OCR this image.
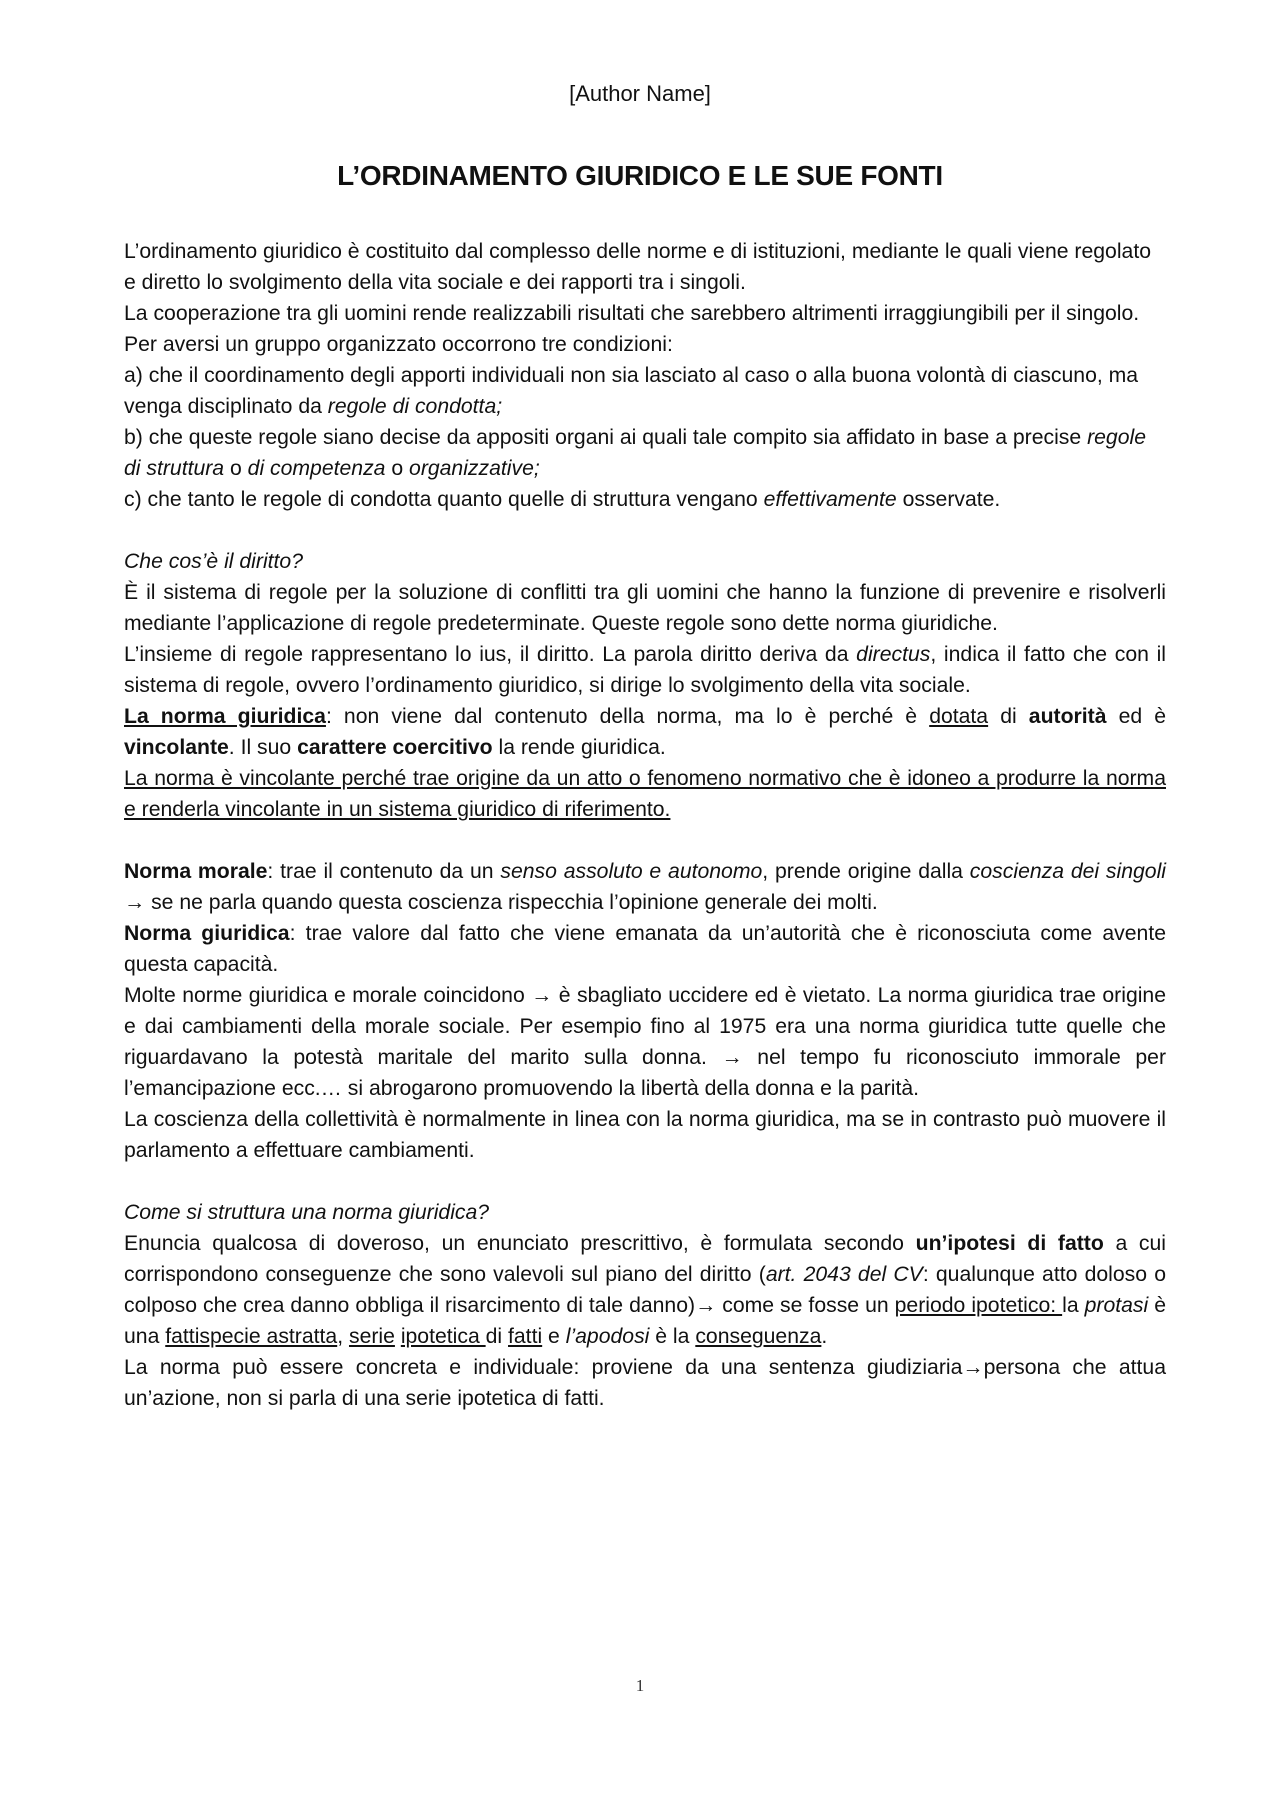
[Author Name]
L’ORDINAMENTO GIURIDICO E LE SUE FONTI

L’ordinamento giuridico è costituito dal complesso delle norme e di istituzioni, mediante le quali viene regolato e diretto lo svolgimento della vita sociale e dei rapporti tra i singoli.

La cooperazione tra gli uomini rende realizzabili risultati che sarebbero altrimenti irraggiungibili per il singolo.

Per aversi un gruppo organizzato occorrono tre condizioni:

a) che il coordinamento degli apporti individuali non sia lasciato al caso o alla buona volontà di ciascuno, ma venga disciplinato da regole di condotta;

b) che queste regole siano decise da appositi organi ai quali tale compito sia affidato in base a precise regole di struttura o di competenza o organizzative;

c) che tanto le regole di condotta quanto quelle di struttura vengano effettivamente osservate.

Che cos’è il diritto?

È il sistema di regole per la soluzione di conflitti tra gli uomini che hanno la funzione di prevenire e risolverli mediante l’applicazione di regole predeterminate. Queste regole sono dette norma giuridiche.

L’insieme di regole rappresentano lo ius, il diritto. La parola diritto deriva da directus, indica il fatto che con il sistema di regole, ovvero l’ordinamento giuridico, si dirige lo svolgimento della vita sociale.

La norma giuridica: non viene dal contenuto della norma, ma lo è perché è dotata di autorità ed è vincolante. Il suo carattere coercitivo la rende giuridica.

La norma è vincolante perché trae origine da un atto o fenomeno normativo che è idoneo a produrre la norma e renderla vincolante in un sistema giuridico di riferimento.

Norma morale: trae il contenuto da un senso assoluto e autonomo, prende origine dalla coscienza dei singoli → se ne parla quando questa coscienza rispecchia l’opinione generale dei molti.

Norma giuridica: trae valore dal fatto che viene emanata da un’autorità che è riconosciuta come avente questa capacità.

Molte norme giuridica e morale coincidono → è sbagliato uccidere ed è vietato. La norma giuridica trae origine e dai cambiamenti della morale sociale. Per esempio fino al 1975 era una norma giuridica tutte quelle che riguardavano la potestà maritale del marito sulla donna. → nel tempo fu riconosciuto immorale per l’emancipazione ecc.… si abrogarono promuovendo la libertà della donna e la parità.

La coscienza della collettività è normalmente in linea con la norma giuridica, ma se in contrasto può muovere il parlamento a effettuare cambiamenti.

Come si struttura una norma giuridica?

Enuncia qualcosa di doveroso, un enunciato prescrittivo, è formulata secondo un’ipotesi di fatto a cui corrispondono conseguenze che sono valevoli sul piano del diritto (art. 2043 del CV: qualunque atto doloso o colposo che crea danno obbliga il risarcimento di tale danno)→ come se fosse un periodo ipotetico: la protasi è una fattispecie astratta, serie ipotetica di fatti e l’apodosi è la conseguenza.

La norma può essere concreta e individuale: proviene da una sentenza giudiziaria→persona che attua un’azione, non si parla di una serie ipotetica di fatti.

1
